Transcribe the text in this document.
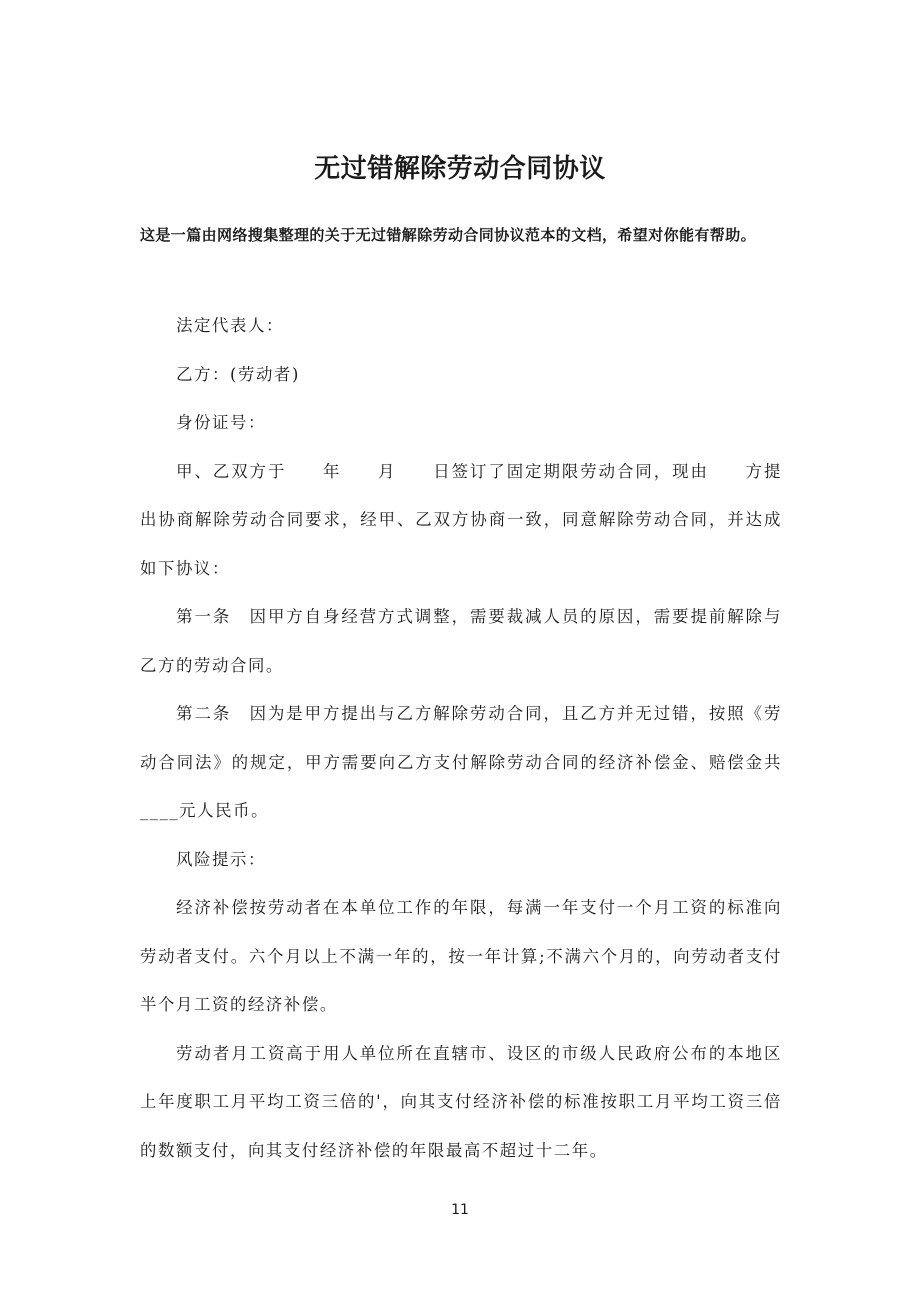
无过错解除劳动合同协议

这是一篇由网络搜集整理的关于无过错解除劳动合同协议范本的文档，希望对你能有帮助。

法定代表人：

乙方：(劳动者)

身份证号：

甲、乙双方于　　年　　月　　日签订了固定期限劳动合同，现由　　方提出协商解除劳动合同要求，经甲、乙双方协商一致，同意解除劳动合同，并达成如下协议：

第一条　因甲方自身经营方式调整，需要裁减人员的原因，需要提前解除与乙方的劳动合同。

第二条　因为是甲方提出与乙方解除劳动合同，且乙方并无过错，按照《劳动合同法》的规定，甲方需要向乙方支付解除劳动合同的经济补偿金、赔偿金共____元人民币。

风险提示：

经济补偿按劳动者在本单位工作的年限，每满一年支付一个月工资的标准向劳动者支付。六个月以上不满一年的，按一年计算;不满六个月的，向劳动者支付半个月工资的经济补偿。

劳动者月工资高于用人单位所在直辖市、设区的市级人民政府公布的本地区上年度职工月平均工资三倍的'，向其支付经济补偿的标准按职工月平均工资三倍的数额支付，向其支付经济补偿的年限最高不超过十二年。

11
